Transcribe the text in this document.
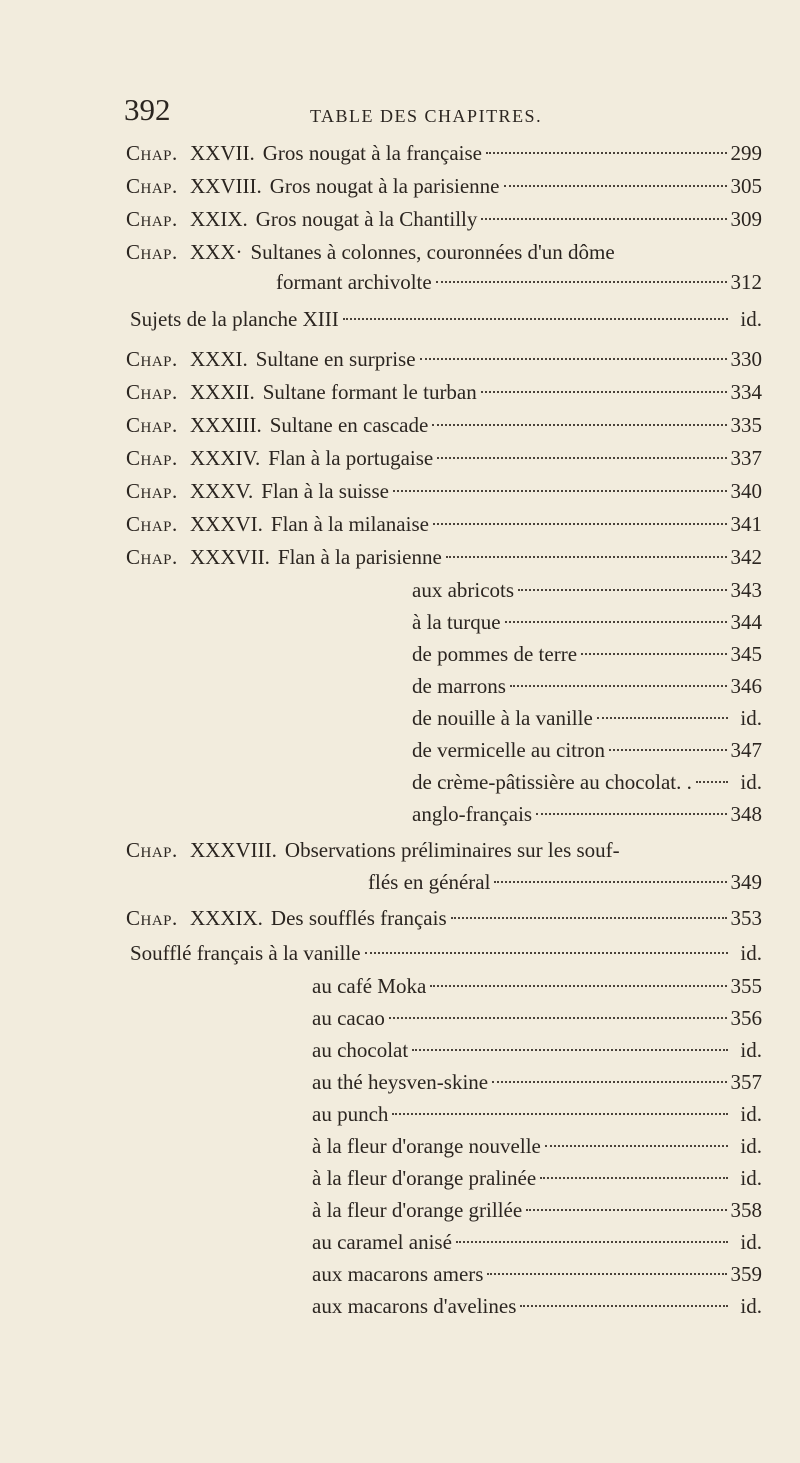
392	TABLE DES CHAPITRES.
Chap. XXVII. Gros nougat à la française	299
Chap. XXVIII. Gros nougat à la parisienne	305
Chap. XXIX. Gros nougat à la Chantilly	309
Chap. XXX· Sultanes à colonnes, couronnées d'un dôme
formant archivolte	312
Sujets de la planche XIII	id.
Chap. XXXI. Sultane en surprise	330
Chap. XXXII. Sultane formant le turban	334
Chap. XXXIII. Sultane en cascade	335
Chap. XXXIV. Flan à la portugaise	337
Chap. XXXV. Flan à la suisse	340
Chap. XXXVI. Flan à la milanaise	341
Chap. XXXVII. Flan à la parisienne	342
aux abricots	343
à la turque	344
de pommes de terre	345
de marrons	346
de nouille à la vanille	id.
de vermicelle au citron	347
de crème-pâtissière au chocolat. .	id.
anglo-français	348
Chap. XXXVIII. Observations préliminaires sur les souf-
flés en général	349
Chap. XXXIX. Des soufflés français	353
Soufflé français à la vanille	id.
au café Moka	355
au cacao	356
au chocolat	id.
au thé heysven-skine	357
au punch	id.
à la fleur d'orange nouvelle	id.
à la fleur d'orange pralinée	id.
à la fleur d'orange grillée	358
au caramel anisé	id.
aux macarons amers	359
aux macarons d'avelines	id.
